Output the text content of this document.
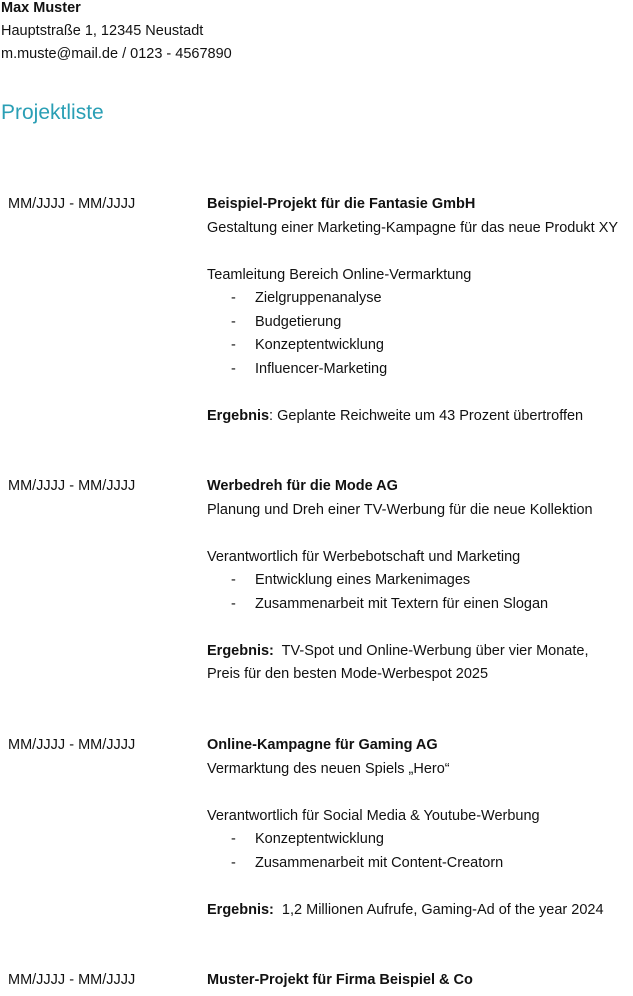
Max Muster
Hauptstraße 1, 12345 Neustadt
m.muste@mail.de / 0123 - 4567890
Projektliste
MM/JJJJ - MM/JJJJ	Beispiel-Projekt für die Fantasie GmbH
Gestaltung einer Marketing-Kampagne für das neue Produkt XY
Teamleitung Bereich Online-Vermarktung
- Zielgruppenanalyse
- Budgetierung
- Konzeptentwicklung
- Influencer-Marketing
Ergebnis: Geplante Reichweite um 43 Prozent übertroffen
MM/JJJJ - MM/JJJJ	Werbedreh für die Mode AG
Planung und Dreh einer TV-Werbung für die neue Kollektion
Verantwortlich für Werbebotschaft und Marketing
- Entwicklung eines Markenimages
- Zusammenarbeit mit Textern für einen Slogan
Ergebnis:  TV-Spot und Online-Werbung über vier Monate,
Preis für den besten Mode-Werbespot 2025
MM/JJJJ - MM/JJJJ	Online-Kampagne für Gaming AG
Vermarktung des neuen Spiels „Hero“
Verantwortlich für Social Media & Youtube-Werbung
- Konzeptentwicklung
- Zusammenarbeit mit Content-Creatorn
Ergebnis:  1,2 Millionen Aufrufe, Gaming-Ad of the year 2024
MM/JJJJ - MM/JJJJ	Muster-Projekt für Firma Beispiel & Co
